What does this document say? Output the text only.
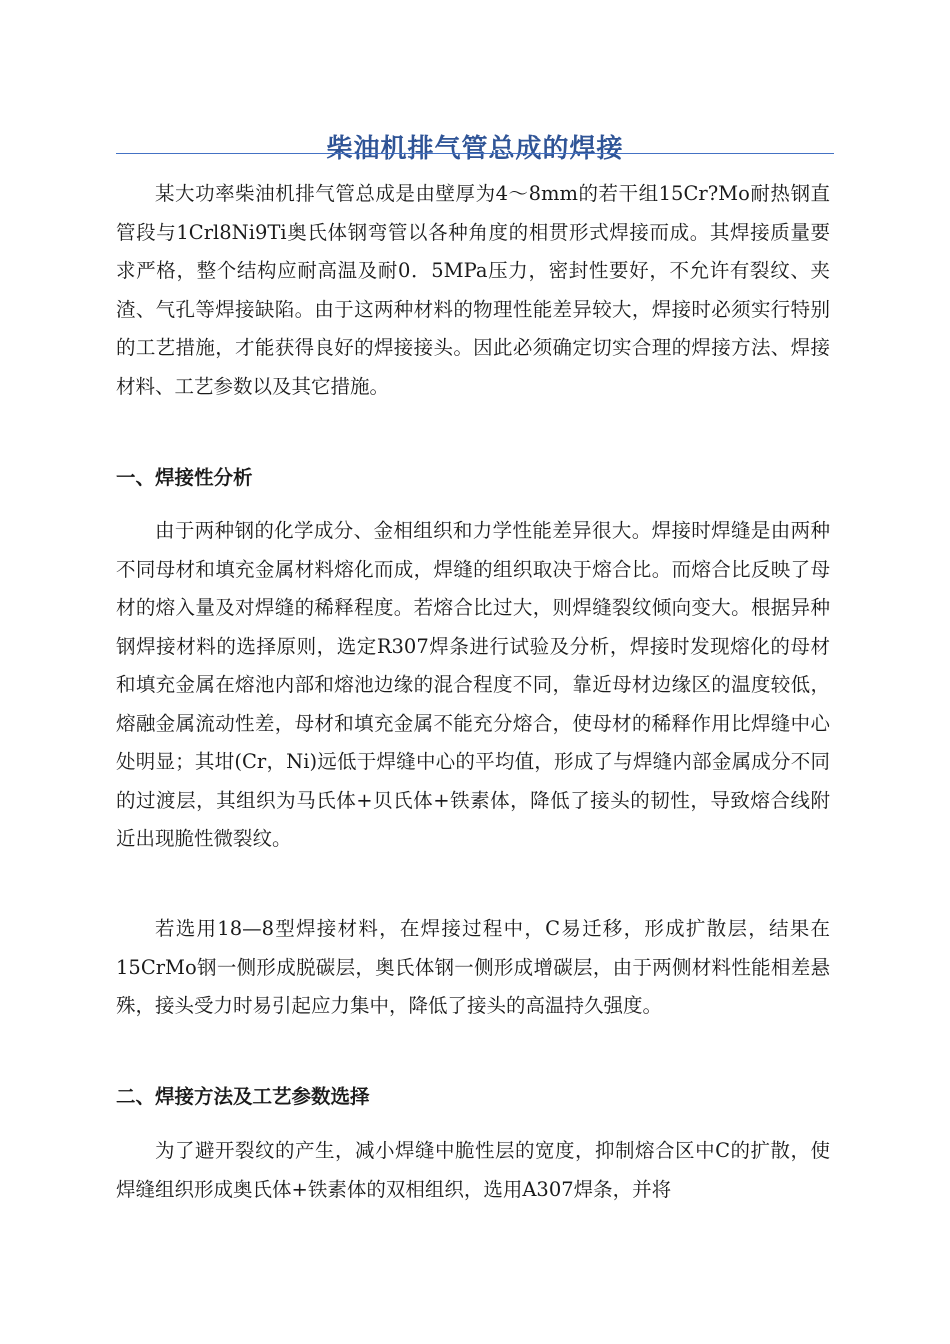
柴油机排气管总成的焊接

某大功率柴油机排气管总成是由壁厚为4～8mm的若干组15Cr?Mo耐热钢直管段与1Crl8Ni9Ti奥氏体钢弯管以各种角度的相贯形式焊接而成。其焊接质量要求严格，整个结构应耐高温及耐0．5MPa压力，密封性要好，不允许有裂纹、夹渣、气孔等焊接缺陷。由于这两种材料的物理性能差异较大，焊接时必须实行特别的工艺措施，才能获得良好的焊接接头。因此必须确定切实合理的焊接方法、焊接材料、工艺参数以及其它措施。

一、焊接性分析

由于两种钢的化学成分、金相组织和力学性能差异很大。焊接时焊缝是由两种不同母材和填充金属材料熔化而成，焊缝的组织取决于熔合比。而熔合比反映了母材的熔入量及对焊缝的稀释程度。若熔合比过大，则焊缝裂纹倾向变大。根据异种钢焊接材料的选择原则，选定R307焊条进行试验及分析，焊接时发现熔化的母材和填充金属在熔池内部和熔池边缘的混合程度不同，靠近母材边缘区的温度较低，熔融金属流动性差，母材和填充金属不能充分熔合，使母材的稀释作用比焊缝中心处明显；其坩(Cr，Ni)远低于焊缝中心的平均值，形成了与焊缝内部金属成分不同的过渡层，其组织为马氏体+贝氏体+铁素体，降低了接头的韧性，导致熔合线附近出现脆性微裂纹。

若选用18—8型焊接材料，在焊接过程中，C易迁移，形成扩散层，结果在15CrMo钢一侧形成脱碳层，奥氏体钢一侧形成增碳层，由于两侧材料性能相差悬殊，接头受力时易引起应力集中，降低了接头的高温持久强度。

二、焊接方法及工艺参数选择

为了避开裂纹的产生，减小焊缝中脆性层的宽度，抑制熔合区中C的扩散，使焊缝组织形成奥氏体+铁素体的双相组织，选用A307焊条，并将
